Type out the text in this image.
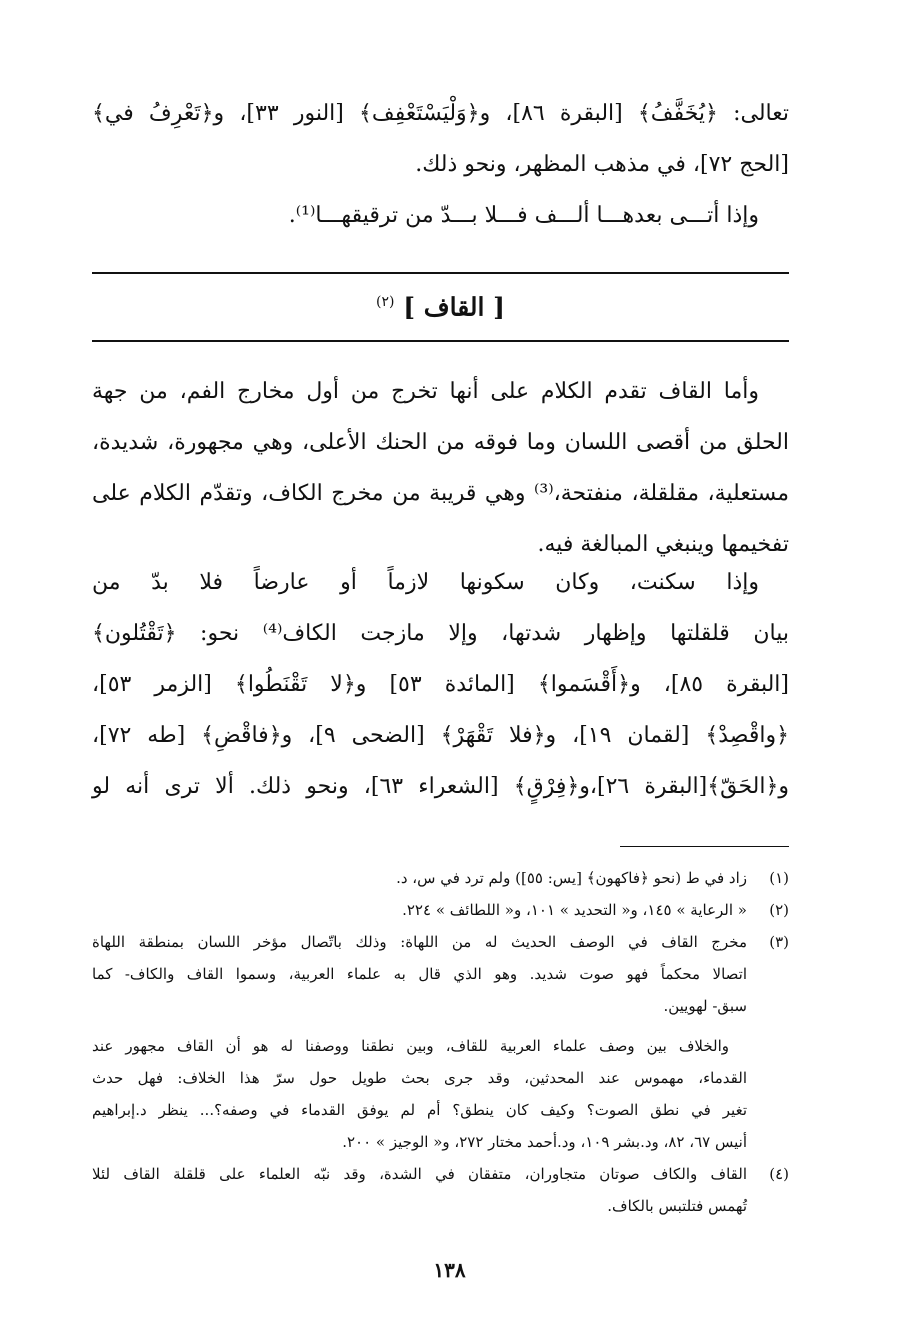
تعالى: ﴿يُخَفَّفُ﴾ [البقرة ٨٦]، و﴿وَلْيَسْتَعْفِف﴾ [النور ٣٣]، و﴿تَعْرِفُ في﴾
[الحج ٧٢]، في مذهب المظهر، ونحو ذلك.
وإذا أتـــى بعدهـــا ألـــف فـــلا بـــدّ من ترقيقهـــا⁽¹⁾.
[ القاف ] $^{(٢)}$
وأما القاف تقدم الكلام على أنها تخرج من أول مخارج الفم، من جهة
الحلق من أقصى اللسان وما فوقه من الحنك الأعلى، وهي مجهورة، شديدة،
مستعلية، مقلقلة، منفتحة،⁽³⁾ وهي قريبة من مخرج الكاف، وتقدّم الكلام على
تفخيمها وينبغي المبالغة فيه.
وإذا سكنت، وكان سكونها لازماً أو عارضاً فلا بدّ من
بيان قلقلتها وإظهار شدتها، وإلا مازجت الكاف⁽⁴⁾ نحو: ﴿تَقْتُلون﴾
[البقرة ٨٥]، و﴿أَقْسَموا﴾ [المائدة ٥٣] و﴿لا تَقْنَطُوا﴾ [الزمر ٥٣]،
﴿واقْصِدْ﴾ [لقمان ١٩]، و﴿فلا تَقْهَرْ﴾ [الضحى ٩]، و﴿فاقْضِ﴾ [طه ٧٢]،
و﴿الحَقّ﴾[البقرة ٢٦]،و﴿فِرْقٍ﴾ [الشعراء ٦٣]، ونحو ذلك. ألا ترى أنه لو
(١)
زاد في ط (نحو ﴿فاكهون﴾ [يس: ٥٥]) ولم ترد في س، د.
(٢)
« الرعاية » ١٤٥، و« التحديد » ١٠١، و« اللطائف » ٢٢٤.
(٣)
مخرج القاف في الوصف الحديث له من اللهاة: وذلك باتّصال مؤخر اللسان بمنطقة اللهاة
اتصالا محكماً فهو صوت شديد. وهو الذي قال به علماء العربية، وسموا القاف والكاف- كما
سبق- لهويين.
والخلاف بين وصف علماء العربية للقاف، وبين نطقنا ووصفنا له هو أن القاف مجهور عند
القدماء، مهموس عند المحدثين، وقد جرى بحث طويل حول سرّ هذا الخلاف: فهل حدث
تغير في نطق الصوت؟ وكيف كان ينطق؟ أم لم يوفق القدماء في وصفه؟... ينظر د.إبراهيم
أنيس ٦٧، ٨٢، ود.بشر ١٠٩، ود.أحمد مختار ٢٧٢، و« الوجيز » ٢٠٠.
(٤)
القاف والكاف صوتان متجاوران، متفقان في الشدة، وقد نبّه العلماء على قلقلة القاف لئلا
تُهمس فتلتبس بالكاف.
١٣٨
